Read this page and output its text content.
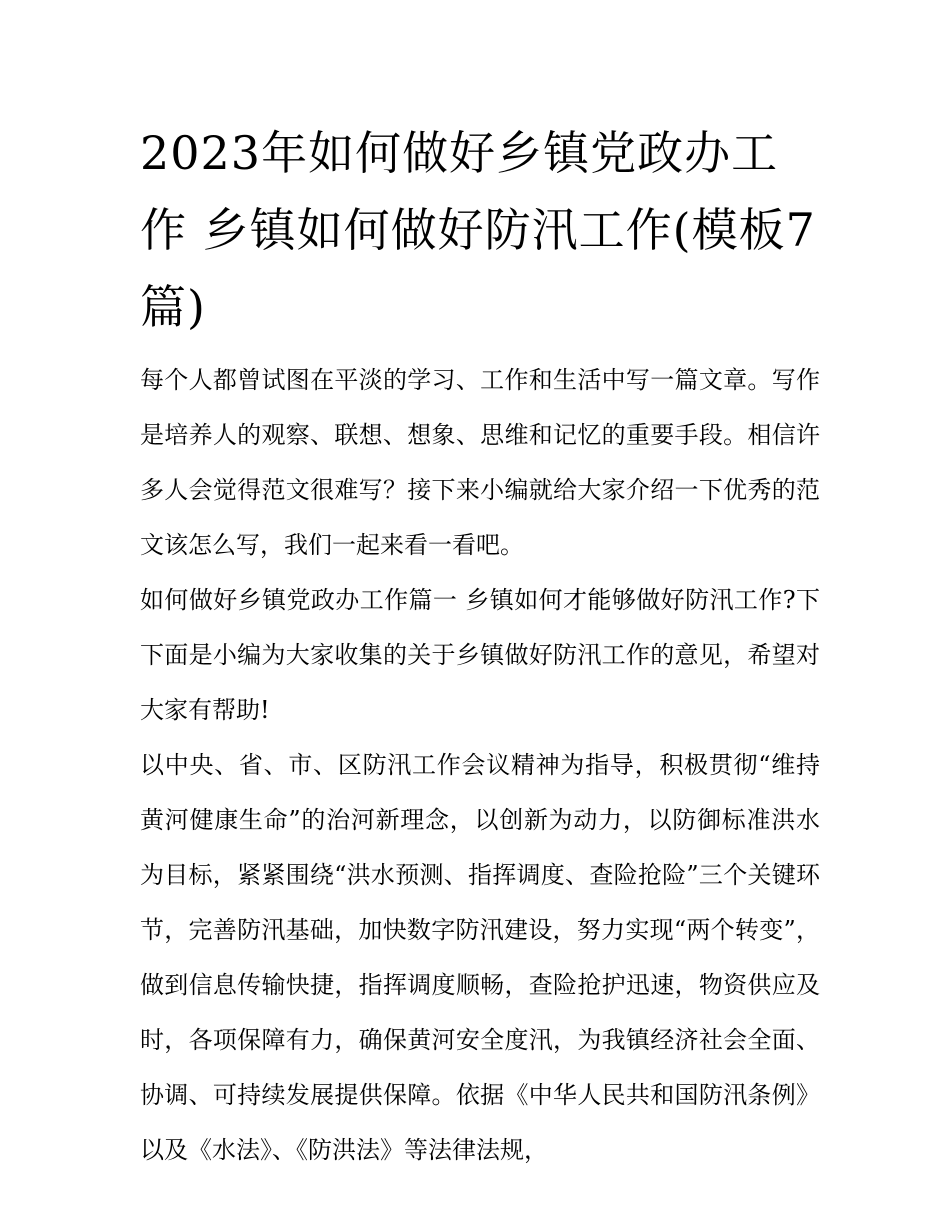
2023年如何做好乡镇党政办工作 乡镇如何做好防汛工作(模板7篇)

每个人都曾试图在平淡的学习、工作和生活中写一篇文章。写作是培养人的观察、联想、想象、思维和记忆的重要手段。相信许多人会觉得范文很难写？接下来小编就给大家介绍一下优秀的范文该怎么写，我们一起来看一看吧。

如何做好乡镇党政办工作篇一 乡镇如何才能够做好防汛工作?下下面是小编为大家收集的关于乡镇做好防汛工作的意见，希望对大家有帮助!

以中央、省、市、区防汛工作会议精神为指导，积极贯彻“维持黄河健康生命”的治河新理念，以创新为动力，以防御标准洪水为目标，紧紧围绕“洪水预测、指挥调度、查险抢险”三个关键环节，完善防汛基础，加快数字防汛建设，努力实现“两个转变”，做到信息传输快捷，指挥调度顺畅，查险抢护迅速，物资供应及时，各项保障有力，确保黄河安全度汛，为我镇经济社会全面、协调、可持续发展提供保障。依据《中华人民共和国防汛条例》以及《水法》、《防洪法》等法律法规，
